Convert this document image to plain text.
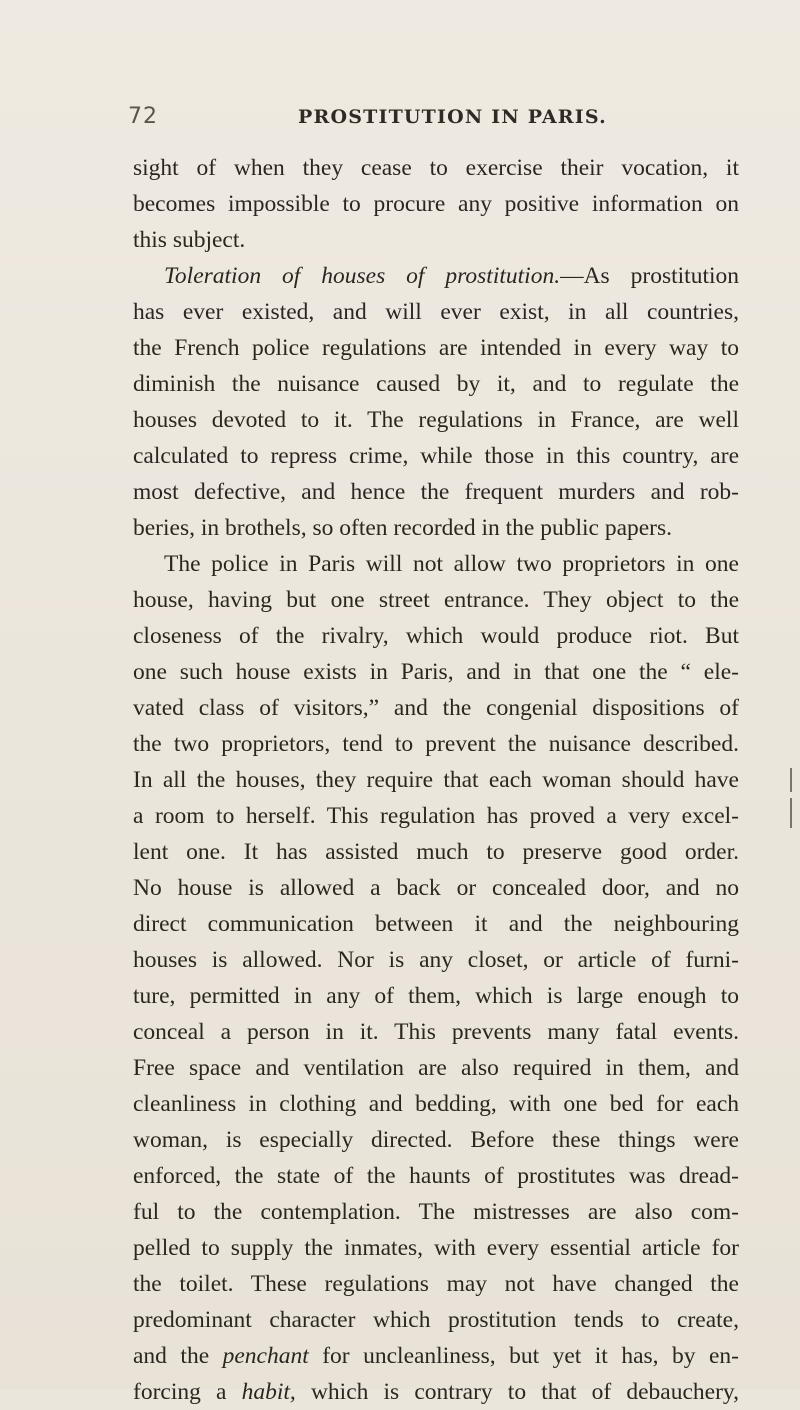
72	PROSTITUTION IN PARIS.
sight of when they cease to exercise their vocation, it
becomes impossible to procure any positive information on
this subject.
Toleration of houses of prostitution.—As prostitution
has ever existed, and will ever exist, in all countries,
the French police regulations are intended in every way to
diminish the nuisance caused by it, and to regulate the
houses devoted to it. The regulations in France, are well
calculated to repress crime, while those in this country, are
most defective, and hence the frequent murders and rob-
beries, in brothels, so often recorded in the public papers.
The police in Paris will not allow two proprietors in one
house, having but one street entrance. They object to the
closeness of the rivalry, which would produce riot. But
one such house exists in Paris, and in that one the “ ele-
vated class of visitors,” and the congenial dispositions of
the two proprietors, tend to prevent the nuisance described.
In all the houses, they require that each woman should have
a room to herself. This regulation has proved a very excel-
lent one. It has assisted much to preserve good order.
No house is allowed a back or concealed door, and no
direct communication between it and the neighbouring
houses is allowed. Nor is any closet, or article of furni-
ture, permitted in any of them, which is large enough to
conceal a person in it. This prevents many fatal events.
Free space and ventilation are also required in them, and
cleanliness in clothing and bedding, with one bed for each
woman, is especially directed. Before these things were
enforced, the state of the haunts of prostitutes was dread-
ful to the contemplation. The mistresses are also com-
pelled to supply the inmates, with every essential article for
the toilet. These regulations may not have changed the
predominant character which prostitution tends to create,
and the penchant for uncleanliness, but yet it has, by en-
forcing a habit, which is contrary to that of debauchery,
